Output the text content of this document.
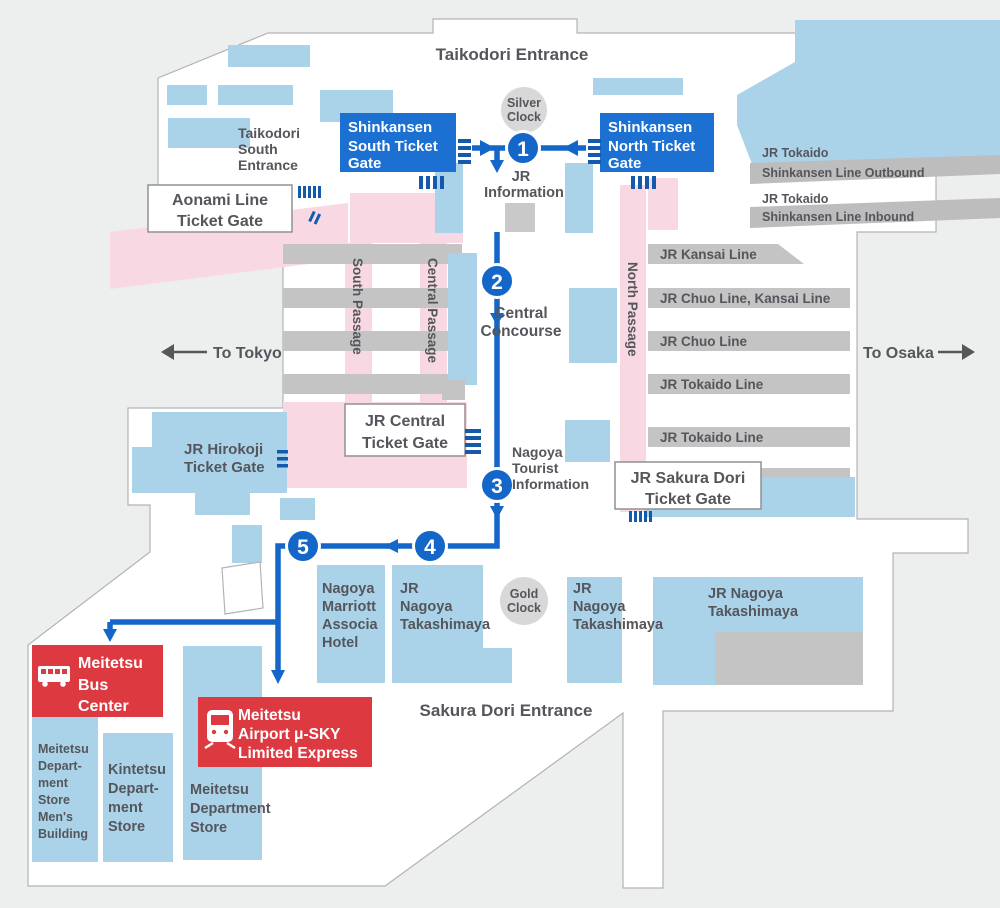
Aonami Line
Ticket Gate
JR Central
Ticket Gate
JR Sakura Dori
Ticket Gate
Shinkansen
South Ticket
Gate
Shinkansen
North Ticket
Gate
Silver
Clock
Gold
Clock
1
2
3
4
5
Meitetsu
Bus
Center
Meitetsu
Airport μ-SKY
Limited Express
Taikodori Entrance
Sakura Dori Entrance
Taikodori
South
Entrance
JR
Information
Central
Concourse
Nagoya
Tourist
Information
JR Hirokoji
Ticket Gate
South Passage	Central Passage	North Passage
JR Tokaido
Shinkansen Line Outbound
JR Tokaido
Shinkansen Line Inbound
JR Kansai Line
JR Chuo Line, Kansai Line
JR Chuo Line
JR Tokaido Line
JR Tokaido Line
To Tokyo	To Osaka
Nagoya
Marriott
Associa
Hotel
JR
Nagoya
Takashimaya
JR
Nagoya
Takashimaya
JR Nagoya
Takashimaya
Meitetsu
Depart-
ment
Store
Men's
Building
Kintetsu
Depart-
ment
Store
Meitetsu
Department
Store
